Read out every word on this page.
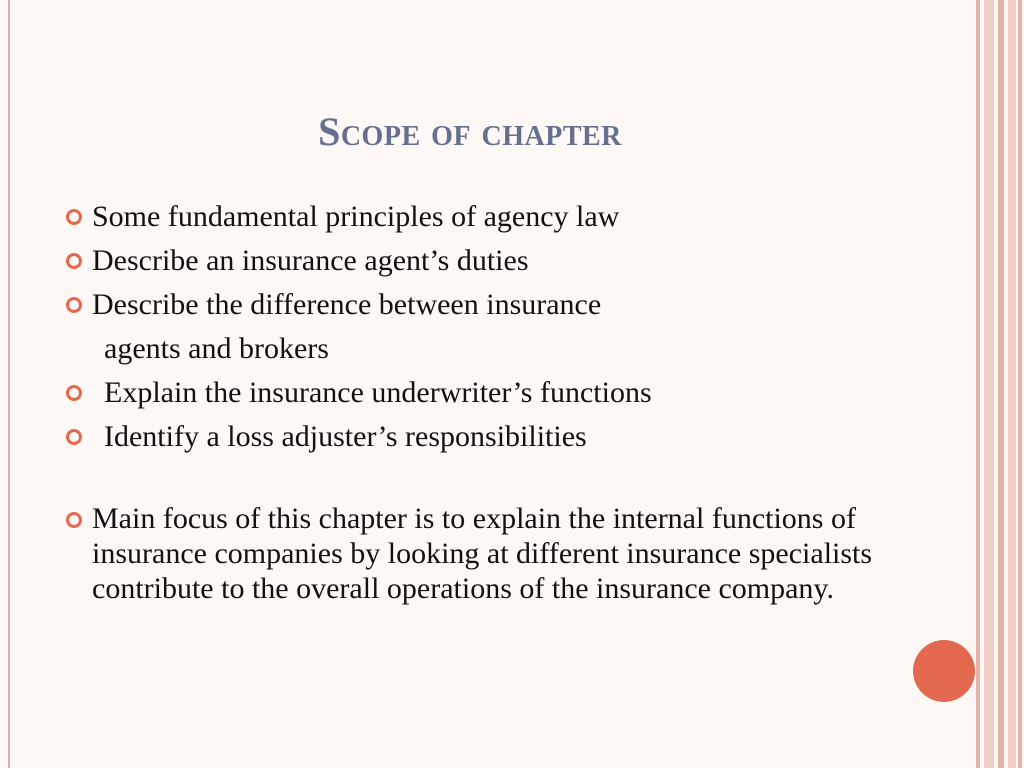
Scope of chapter
Some fundamental principles of agency law
Describe an insurance agent’s duties
Describe the difference between insurance
agents and brokers
Explain the insurance underwriter’s functions
Identify a loss adjuster’s responsibilities
Main focus of this chapter is to explain the internal functions of insurance companies by looking at different insurance specialists contribute to the overall operations of the insurance company.
